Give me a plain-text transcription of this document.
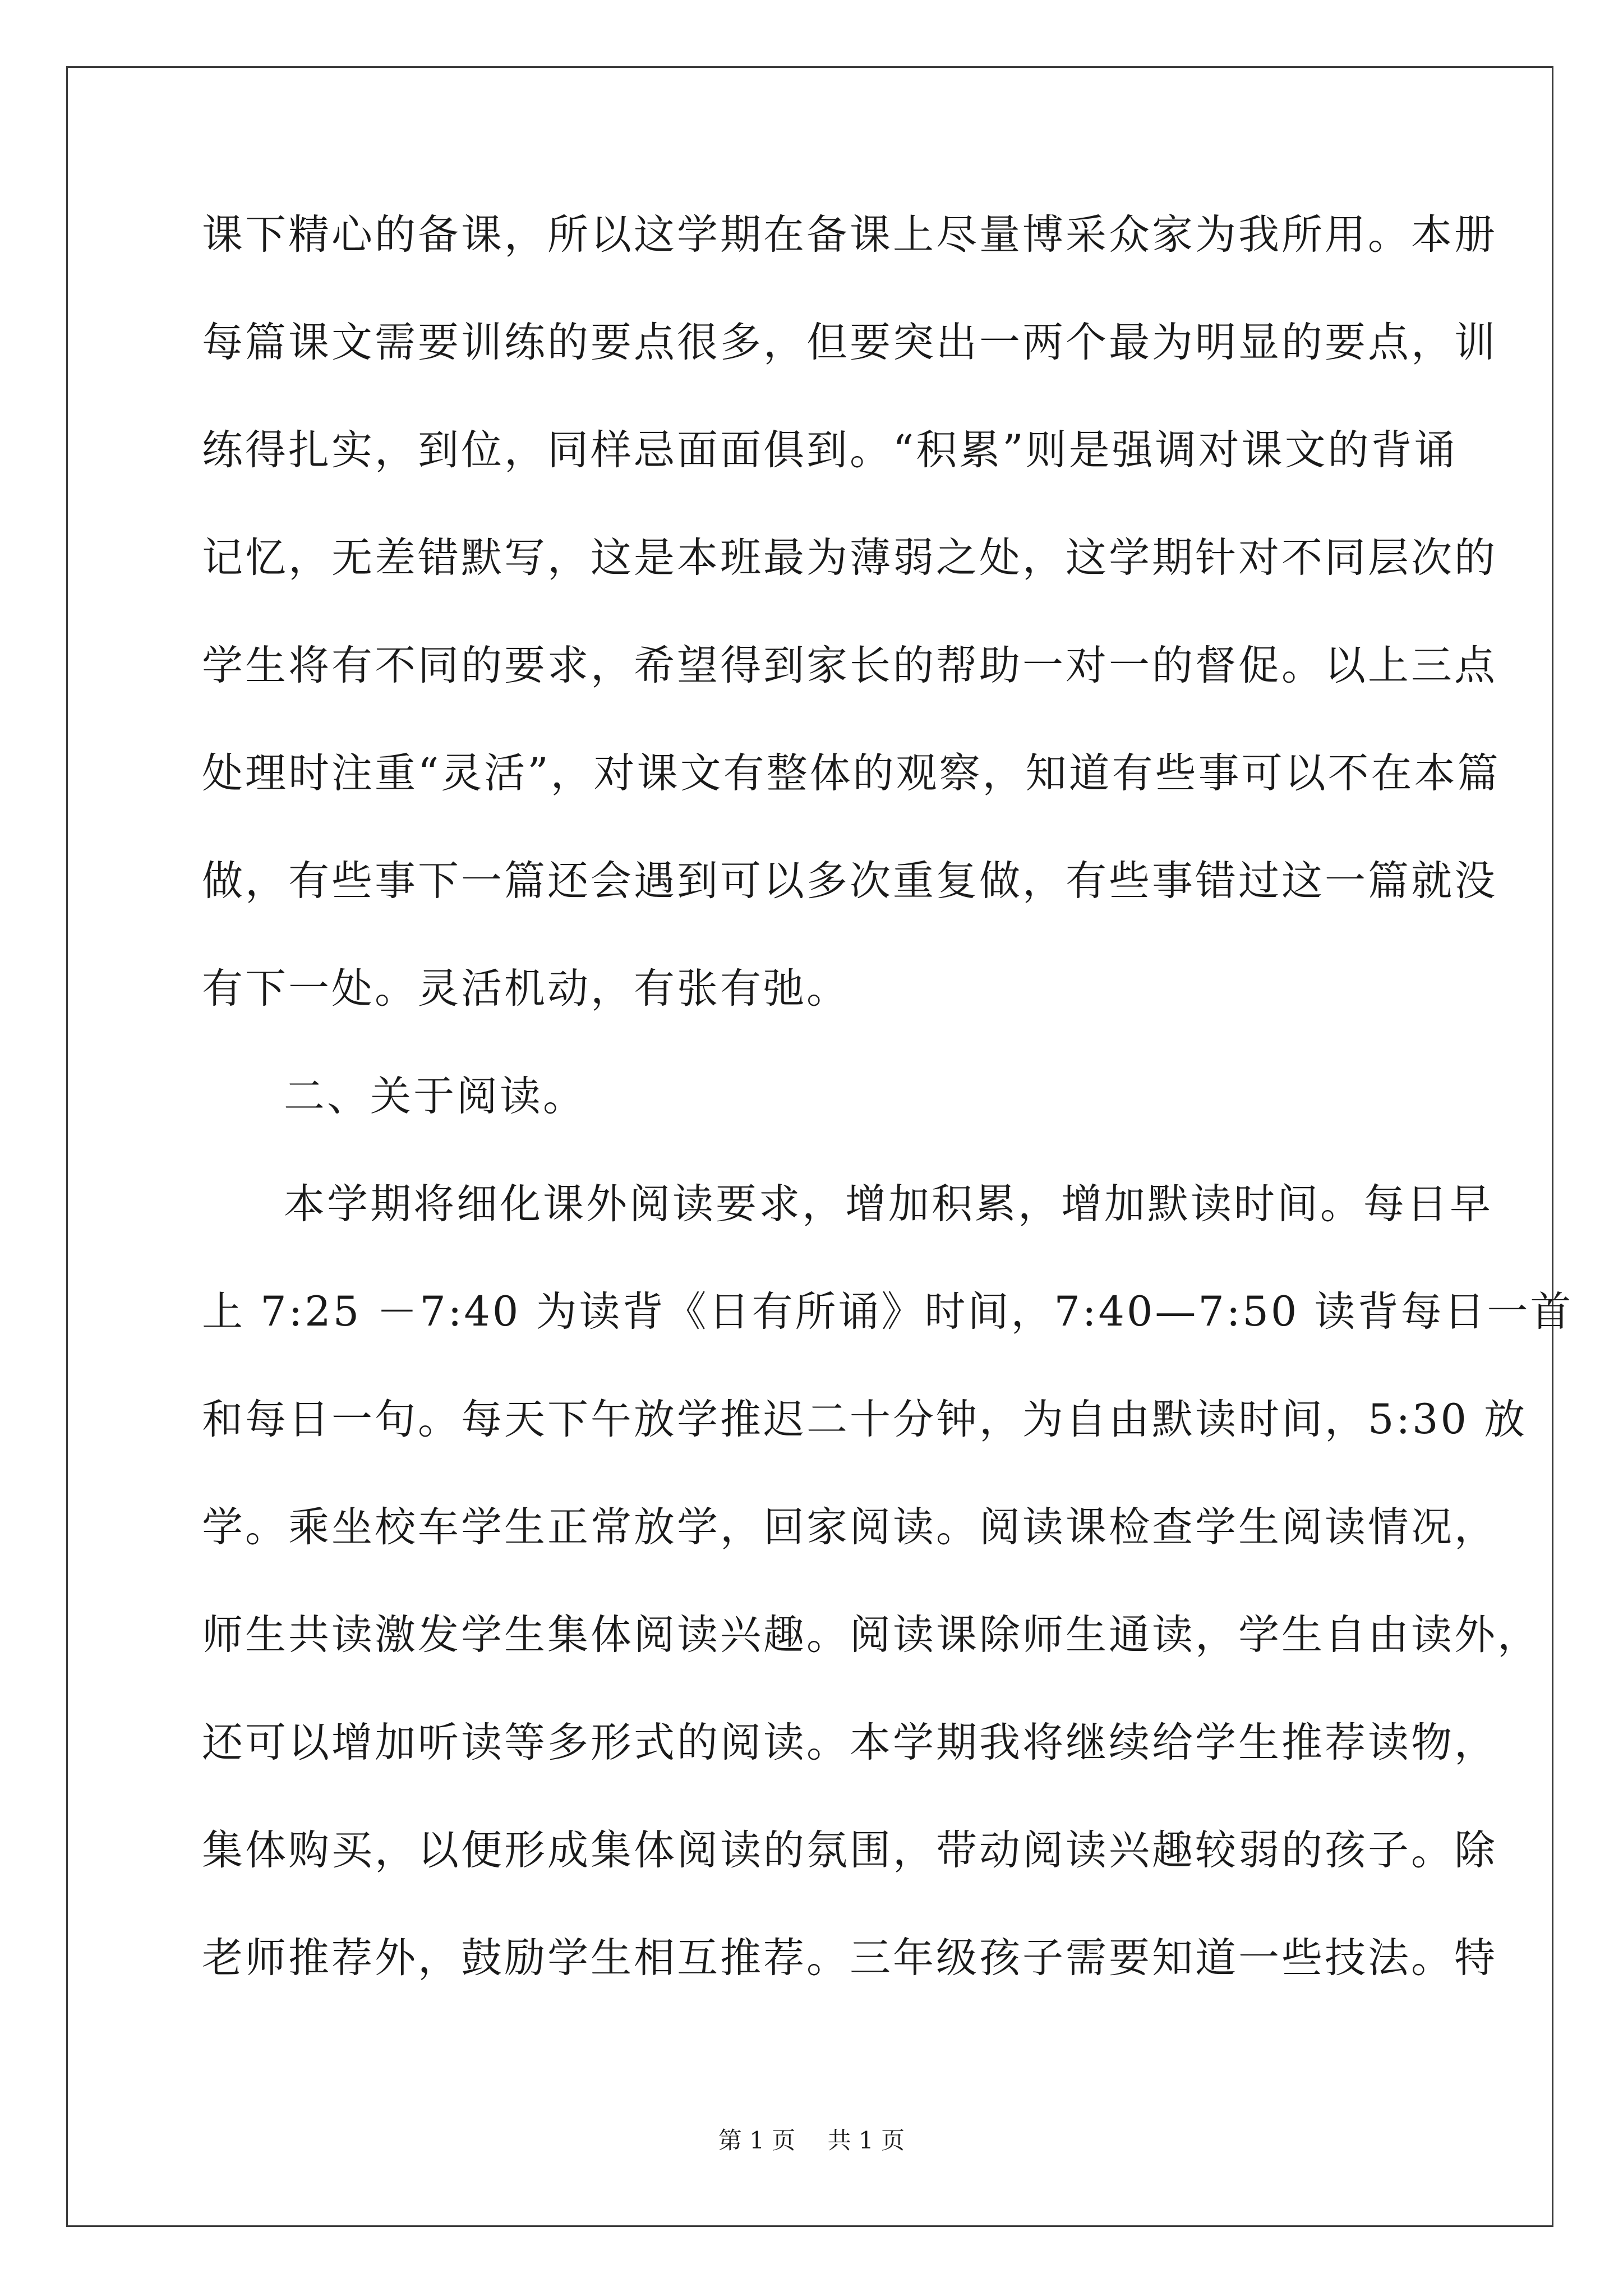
课下精心的备课，所以这学期在备课上尽量博采众家为我所用。本册
每篇课文需要训练的要点很多，但要突出一两个最为明显的要点，训
练得扎实，到位，同样忌面面俱到。“积累”则是强调对课文的背诵
记忆，无差错默写，这是本班最为薄弱之处，这学期针对不同层次的
学生将有不同的要求，希望得到家长的帮助一对一的督促。以上三点
处理时注重“灵活”，对课文有整体的观察，知道有些事可以不在本篇
做，有些事下一篇还会遇到可以多次重复做，有些事错过这一篇就没
有下一处。灵活机动，有张有弛。
二、关于阅读。
本学期将细化课外阅读要求，增加积累，增加默读时间。每日早
上 7:25 －7:40 为读背《日有所诵》时间，7:40—7:50 读背每日一首
和每日一句。每天下午放学推迟二十分钟，为自由默读时间，5:30 放
学。乘坐校车学生正常放学，回家阅读。阅读课检查学生阅读情况，
师生共读激发学生集体阅读兴趣。阅读课除师生通读，学生自由读外，
还可以增加听读等多形式的阅读。本学期我将继续给学生推荐读物，
集体购买，以便形成集体阅读的氛围，带动阅读兴趣较弱的孩子。除
老师推荐外，鼓励学生相互推荐。三年级孩子需要知道一些技法。特
第 1 页 共 1 页
